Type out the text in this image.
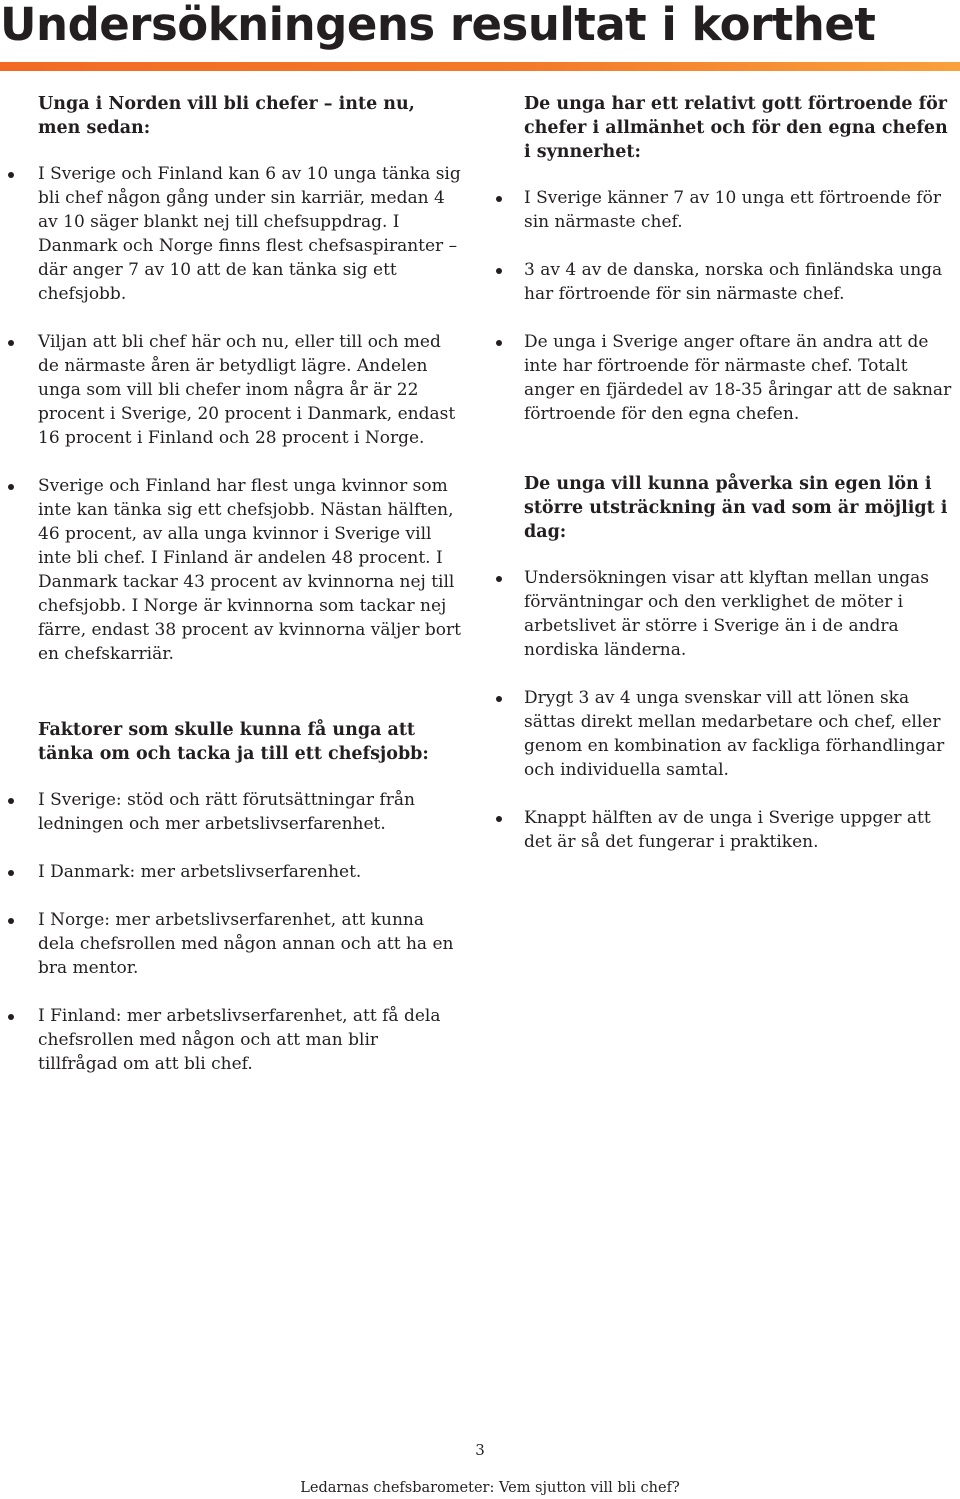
Undersökningens resultat i korthet
Unga i Norden vill bli chefer – inte nu, men sedan:
I Sverige och Finland kan 6 av 10 unga tänka sig bli chef någon gång under sin karriär, medan 4 av 10 säger blankt nej till chefsuppdrag. I Danmark och Norge finns flest chefsaspiranter – där anger 7 av 10 att de kan tänka sig ett chefsjobb.
Viljan att bli chef här och nu, eller till och med de närmaste åren är betydligt lägre. Andelen unga som vill bli chefer inom några år är 22 procent i Sverige, 20 procent i Danmark, endast 16 procent i Finland och 28 procent i Norge.
Sverige och Finland har flest unga kvinnor som inte kan tänka sig ett chefsjobb. Nästan hälften, 46 procent, av alla unga kvinnor i Sverige vill inte bli chef. I Finland är andelen 48 procent. I Danmark tackar 43 procent av kvinnorna nej till chefsjobb. I Norge är kvinnorna som tackar nej färre, endast 38 procent av kvinnorna väljer bort en chefskarriär.
Faktorer som skulle kunna få unga att tänka om och tacka ja till ett chefsjobb:
I Sverige: stöd och rätt förutsättningar från ledningen och mer arbetslivserfarenhet.
I Danmark: mer arbetslivserfarenhet.
I Norge: mer arbetslivserfarenhet, att kunna dela chefsrollen med någon annan och att ha en bra mentor.
I Finland: mer arbetslivserfarenhet, att få dela chefsrollen med någon och att man blir tillfrågad om att bli chef.
De unga har ett relativt gott förtroende för chefer i allmänhet och för den egna chefen i synnerhet:
I Sverige känner 7 av 10 unga ett förtroende för sin närmaste chef.
3 av 4 av de danska, norska och finländska unga har förtroende för sin närmaste chef.
De unga i Sverige anger oftare än andra att de inte har förtroende för närmaste chef. Totalt anger en fjärdedel av 18-35 åringar att de saknar förtroende för den egna chefen.
De unga vill kunna påverka sin egen lön i större utsträckning än vad som är möjligt i dag:
Undersökningen visar att klyftan mellan ungas förväntningar och den verklighet de möter i arbetslivet är större i Sverige än i de andra nordiska länderna.
Drygt 3 av 4 unga svenskar vill att lönen ska sättas direkt mellan medarbetare och chef, eller genom en kombination av fackliga förhandlingar och individuella samtal.
Knappt hälften av de unga i Sverige uppger att det är så det fungerar i praktiken.
3
Ledarnas chefsbarometer: Vem sjutton vill bli chef?
